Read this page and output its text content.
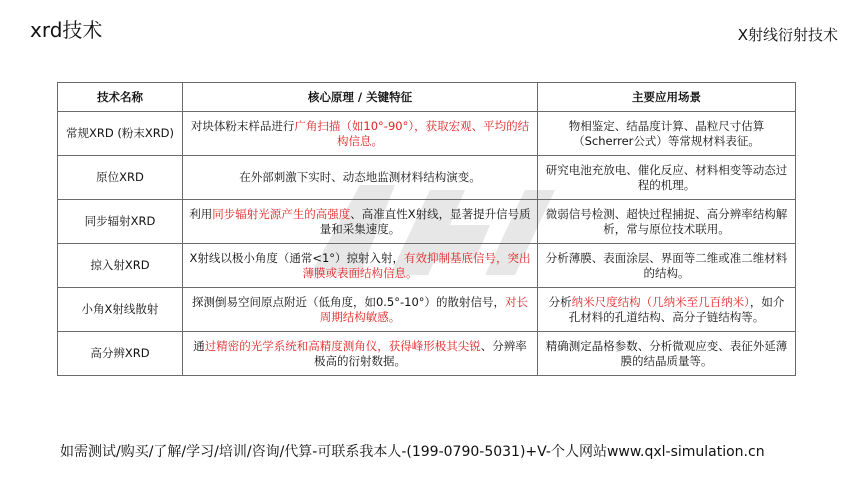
xrd技术	X射线衍射技术
技术名称	核心原理 / 关键特征	主要应用场景
常规XRD (粉末XRD)	对块体粉末样品进行广角扫描（如10°-90°），获取宏观、平均的结构信息。	物相鉴定、结晶度计算、晶粒尺寸估算（Scherrer公式）等常规材料表征。
原位XRD	在外部刺激下实时、动态地监测材料结构演变。	研究电池充放电、催化反应、材料相变等动态过程的机理。
同步辐射XRD	利用同步辐射光源产生的高强度、高准直性X射线，显著提升信号质量和采集速度。	微弱信号检测、超快过程捕捉、高分辨率结构解析，常与原位技术联用。
掠入射XRD	X射线以极小角度（通常<1°）掠射入射，有效抑制基底信号，突出薄膜或表面结构信息。	分析薄膜、表面涂层、界面等二维或准二维材料的结构。
小角X射线散射	探测倒易空间原点附近（低角度，如0.5°-10°）的散射信号，对长周期结构敏感。	分析纳米尺度结构（几纳米至几百纳米），如介孔材料的孔道结构、高分子链结构等。
高分辨XRD	通过精密的光学系统和高精度测角仪，获得峰形极其尖锐、分辨率极高的衍射数据。	精确测定晶格参数、分析微观应变、表征外延薄膜的结晶质量等。
如需测试/购买/了解/学习/培训/咨询/代算-可联系我本人-(199-0790-5031)+V-个人网站www.qxl-simulation.cn
